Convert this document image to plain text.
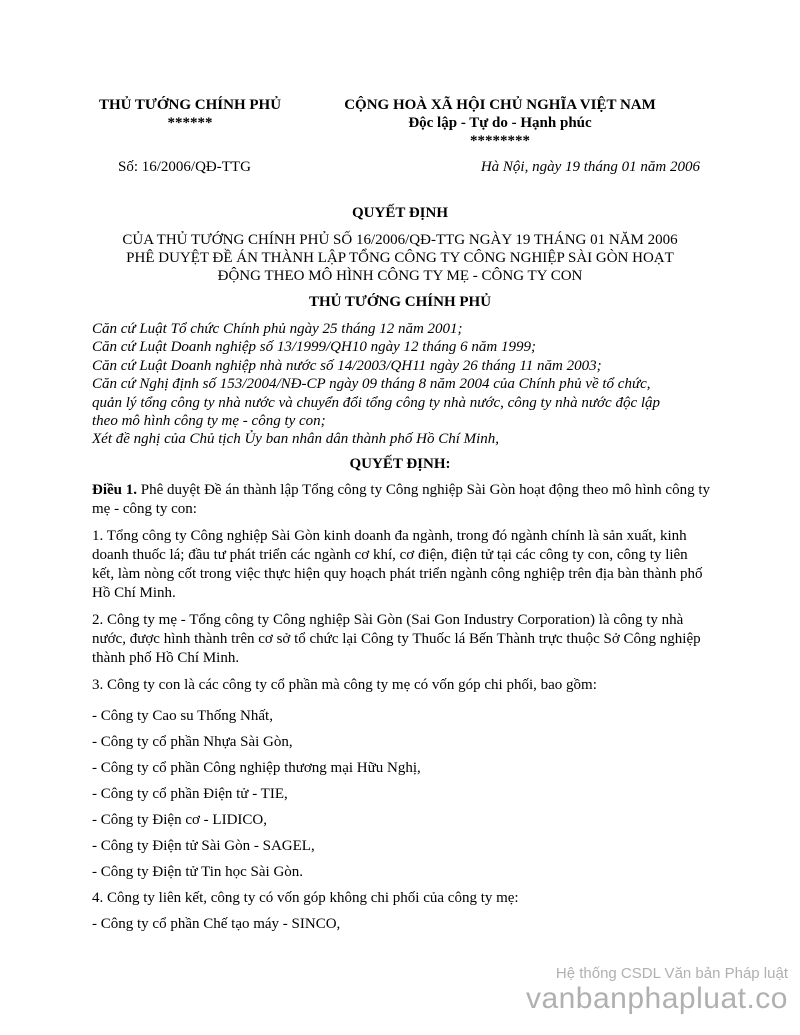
THỦ TƯỚNG CHÍNH PHỦ
******
CỘNG HOÀ XÃ HỘI CHỦ NGHĨA VIỆT NAM
Độc lập - Tự do - Hạnh phúc
********
Số: 16/2006/QĐ-TTG	Hà Nội, ngày 19 tháng 01 năm 2006
QUYẾT ĐỊNH
CỦA THỦ TƯỚNG CHÍNH PHỦ SỐ 16/2006/QĐ-TTG NGÀY 19 THÁNG 01 NĂM 2006
PHÊ DUYỆT ĐỀ ÁN THÀNH LẬP TỔNG CÔNG TY CÔNG NGHIỆP SÀI GÒN HOẠT
ĐỘNG THEO MÔ HÌNH CÔNG TY MẸ - CÔNG TY CON
THỦ TƯỚNG CHÍNH PHỦ
Căn cứ Luật Tổ chức Chính phủ ngày 25 tháng 12 năm 2001;
Căn cứ Luật Doanh nghiệp số 13/1999/QH10 ngày 12 tháng 6 năm 1999;
Căn cứ Luật Doanh nghiệp nhà nước số 14/2003/QH11 ngày 26 tháng 11 năm 2003;
Căn cứ Nghị định số 153/2004/NĐ-CP ngày 09 tháng 8 năm 2004 của Chính phủ về tổ chức,
quản lý tổng công ty nhà nước và chuyển đổi tổng công ty nhà nước, công ty nhà nước độc lập
theo mô hình công ty mẹ - công ty con;
Xét đề nghị của Chủ tịch Ủy ban nhân dân thành phố Hồ Chí Minh,
QUYẾT ĐỊNH:

Điều 1. Phê duyệt Đề án thành lập Tổng công ty Công nghiệp Sài Gòn hoạt động theo mô hình công ty mẹ - công ty con:

1. Tổng công ty Công nghiệp Sài Gòn kinh doanh đa ngành, trong đó ngành chính là sản xuất, kinh doanh thuốc lá; đầu tư phát triển các ngành cơ khí, cơ điện, điện tử tại các công ty con, công ty liên kết, làm nòng cốt trong việc thực hiện quy hoạch phát triển ngành công nghiệp trên địa bàn thành phố Hồ Chí Minh.

2. Công ty mẹ - Tổng công ty Công nghiệp Sài Gòn (Sai Gon Industry Corporation) là công ty nhà nước, được hình thành trên cơ sở tổ chức lại Công ty Thuốc lá Bến Thành trực thuộc Sở Công nghiệp thành phố Hồ Chí Minh.

3. Công ty con là các công ty cổ phần mà công ty mẹ có vốn góp chi phối, bao gồm:

- Công ty Cao su Thống Nhất,
- Công ty cổ phần Nhựa Sài Gòn,
- Công ty cổ phần Công nghiệp thương mại Hữu Nghị,
- Công ty cổ phần Điện tử - TIE,
- Công ty Điện cơ - LIDICO,
- Công ty Điện tử Sài Gòn - SAGEL,
- Công ty Điện tử Tin học Sài Gòn.
4. Công ty liên kết, công ty có vốn góp không chi phối của công ty mẹ:
- Công ty cổ phần Chế tạo máy - SINCO,
Hệ thống CSDL Văn bản Pháp luật
vanbanphapluat.co
